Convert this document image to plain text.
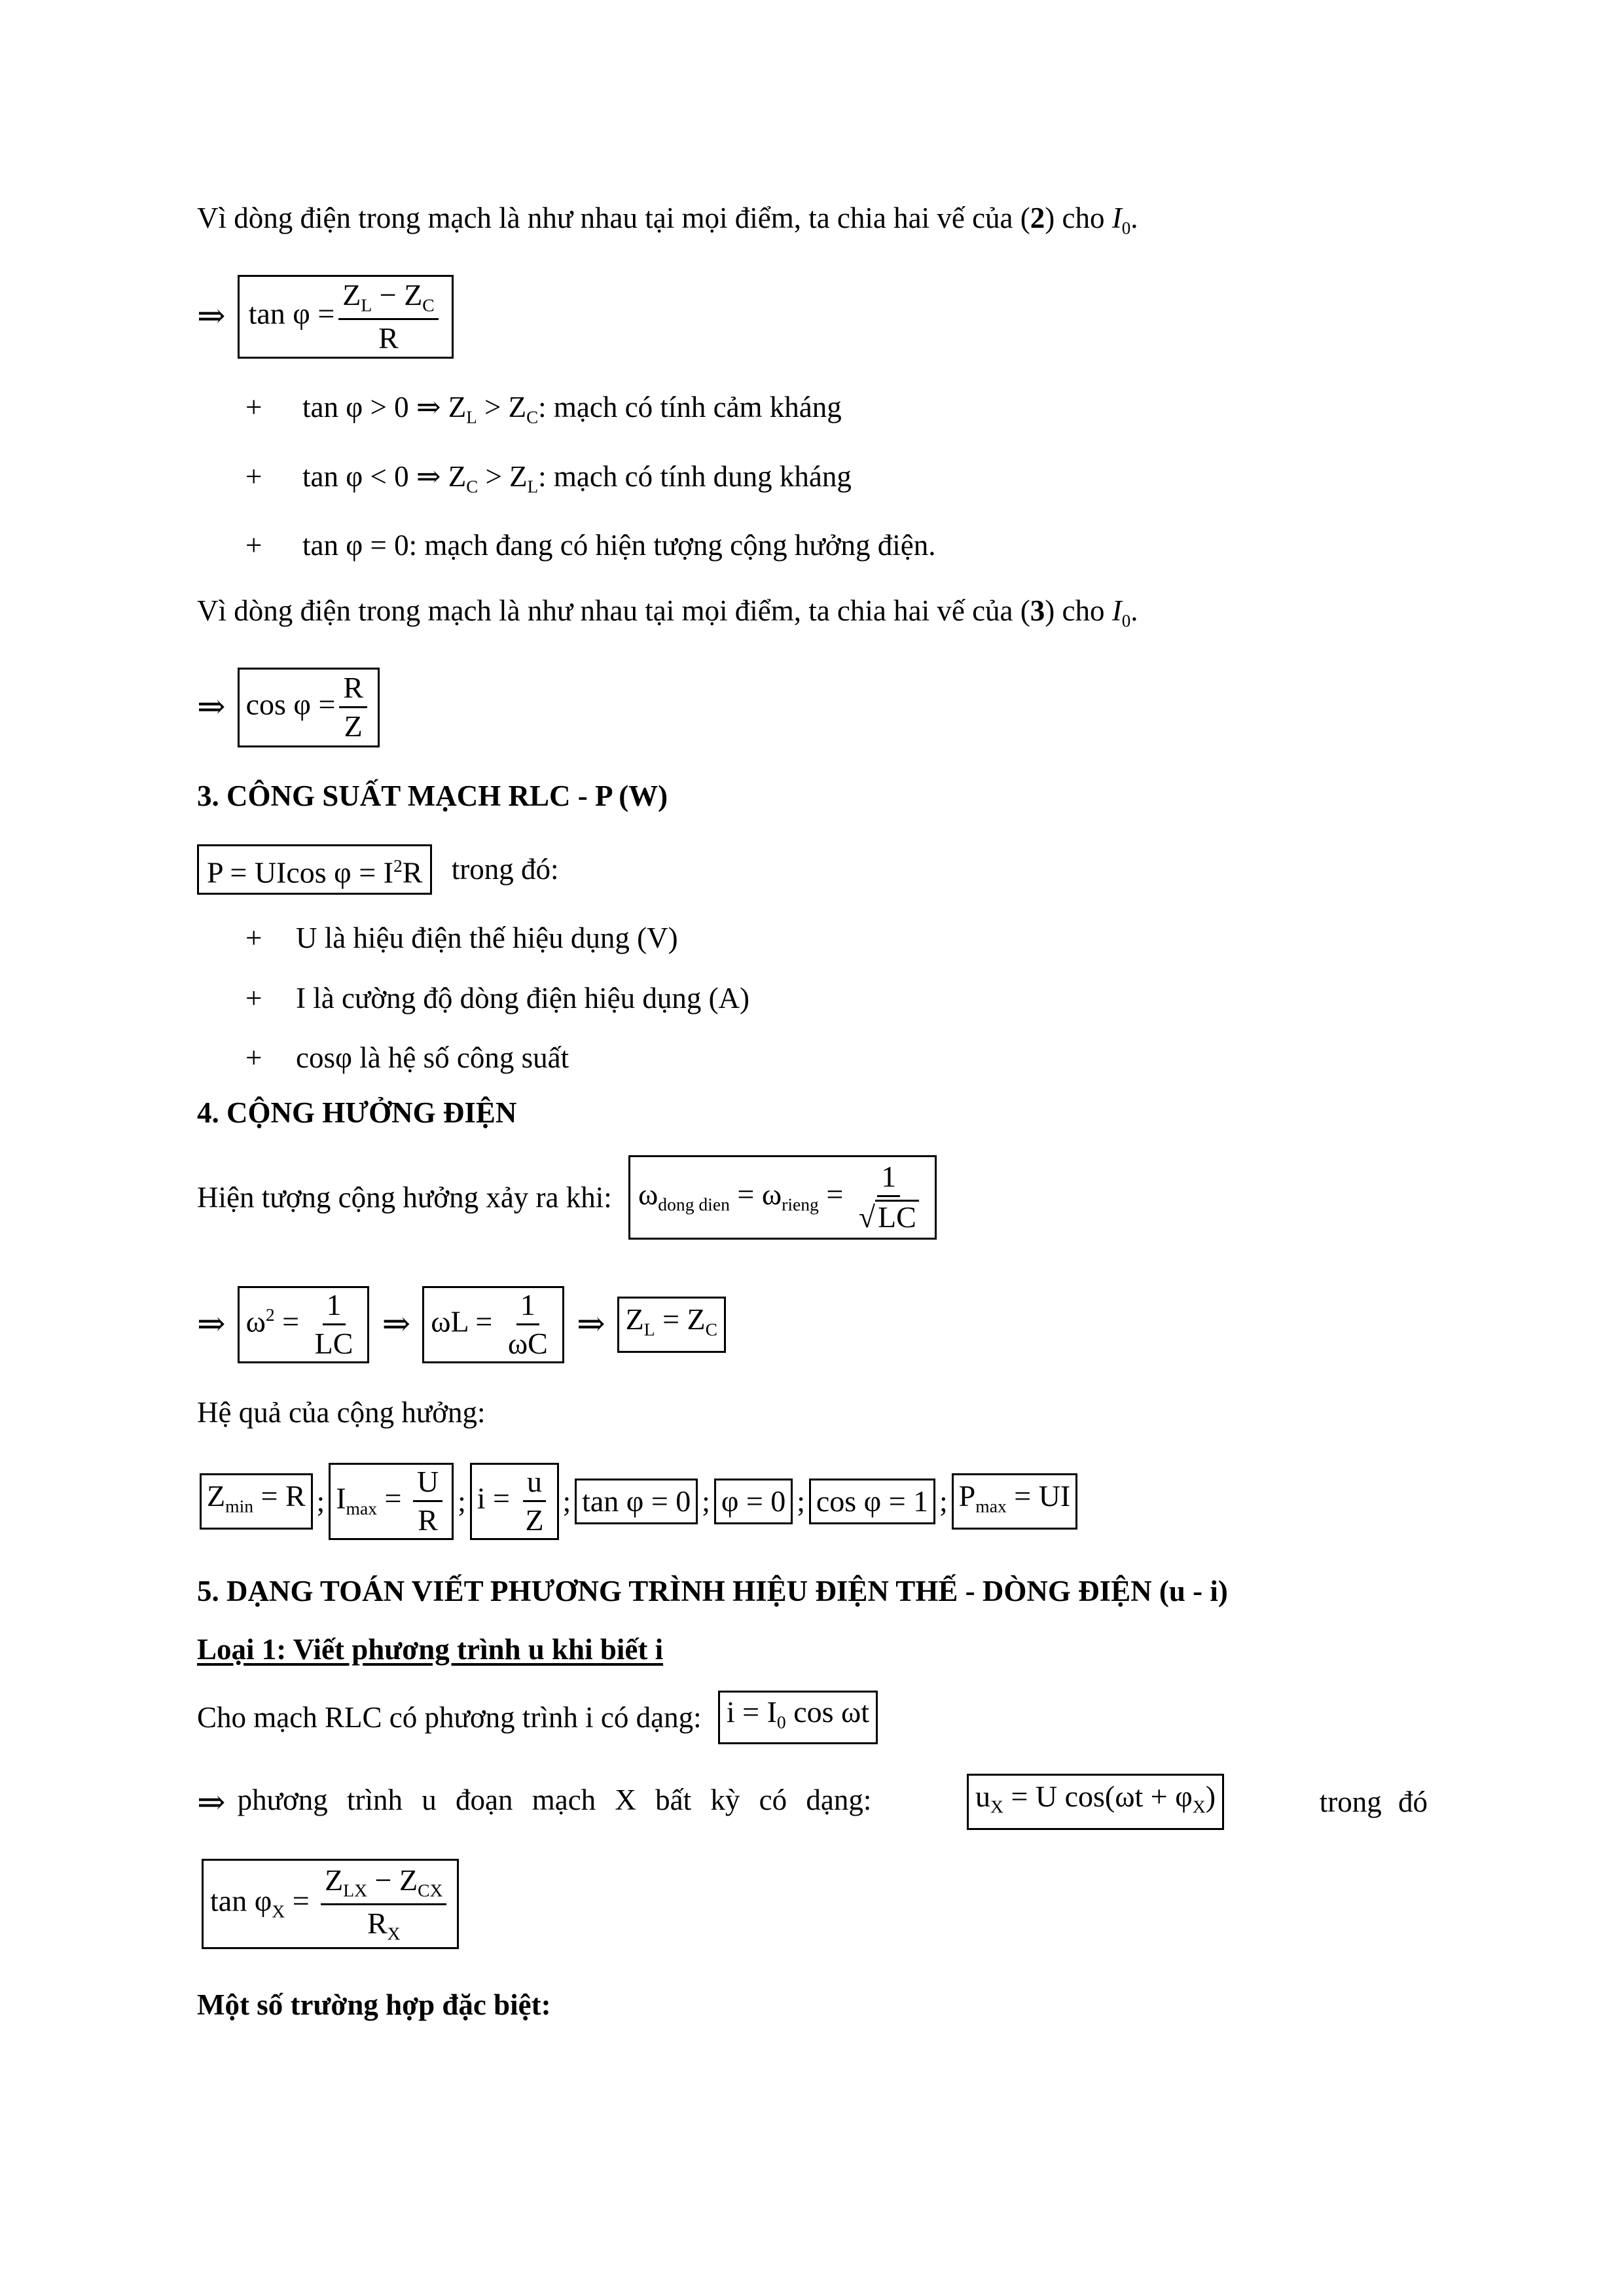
Vì dòng điện trong mạch là như nhau tại mọi điểm, ta chia hai vế của (2) cho $I_0$.
⇒ $\tan \varphi = \frac{Z_L - Z_C}{R}$
+ tan φ > 0 ⇒ $Z_L > Z_C$: mạch có tính cảm kháng
+ tan φ < 0 ⇒ $Z_C > Z_L$: mạch có tính dung kháng
+ tan φ = 0: mạch đang có hiện tượng cộng hưởng điện.
Vì dòng điện trong mạch là như nhau tại mọi điểm, ta chia hai vế của (3) cho $I_0$.
⇒ $\cos \varphi = \frac{R}{Z}$
3. CÔNG SUẤT MẠCH RLC - P (W)
P = UIcos $\varphi = I^2R$ trong đó:
+ U là hiệu điện thế hiệu dụng (V)
+ I là cường độ dòng điện hiệu dụng (A)
+ cosφ là hệ số công suất
4. CỘNG HƯỞNG ĐIỆN
Hiện tượng cộng hưởng xảy ra khi: $\omega_{dong dien} = \omega_{rieng} = \frac{1}{√LC}$
⇒ $\omega^2 = \frac{1}{LC}$ ⇒ $\omega L = \frac{1}{\omega C}$ ⇒ $Z_L = Z_C$
Hệ quả của cộng hưởng:
$Z_{min} = R$ ; $I_{max} = \frac{U}{R}$ ; $i = \frac{u}{Z}$ ; tan φ = 0 ; φ = 0 ; cos φ = 1 ; $P_{max}$ = UI
5. DẠNG TOÁN VIẾT PHƯƠNG TRÌNH HIỆU ĐIỆN THẾ - DÒNG ĐIỆN (u - i)
Loại 1: Viết phương trình u khi biết i
Cho mạch RLC có phương trình i có dạng: $i = I_0$ cos ωt
⇒ phương trình u đoạn mạch X bất kỳ có dạng:	$u_X = U$ $\cos(\omega t + \varphi_X)$	trong đó
$\tan \varphi_X = \frac{Z_{LX} - Z_{CX}}{R_X}$
Một số trường hợp đặc biệt:
